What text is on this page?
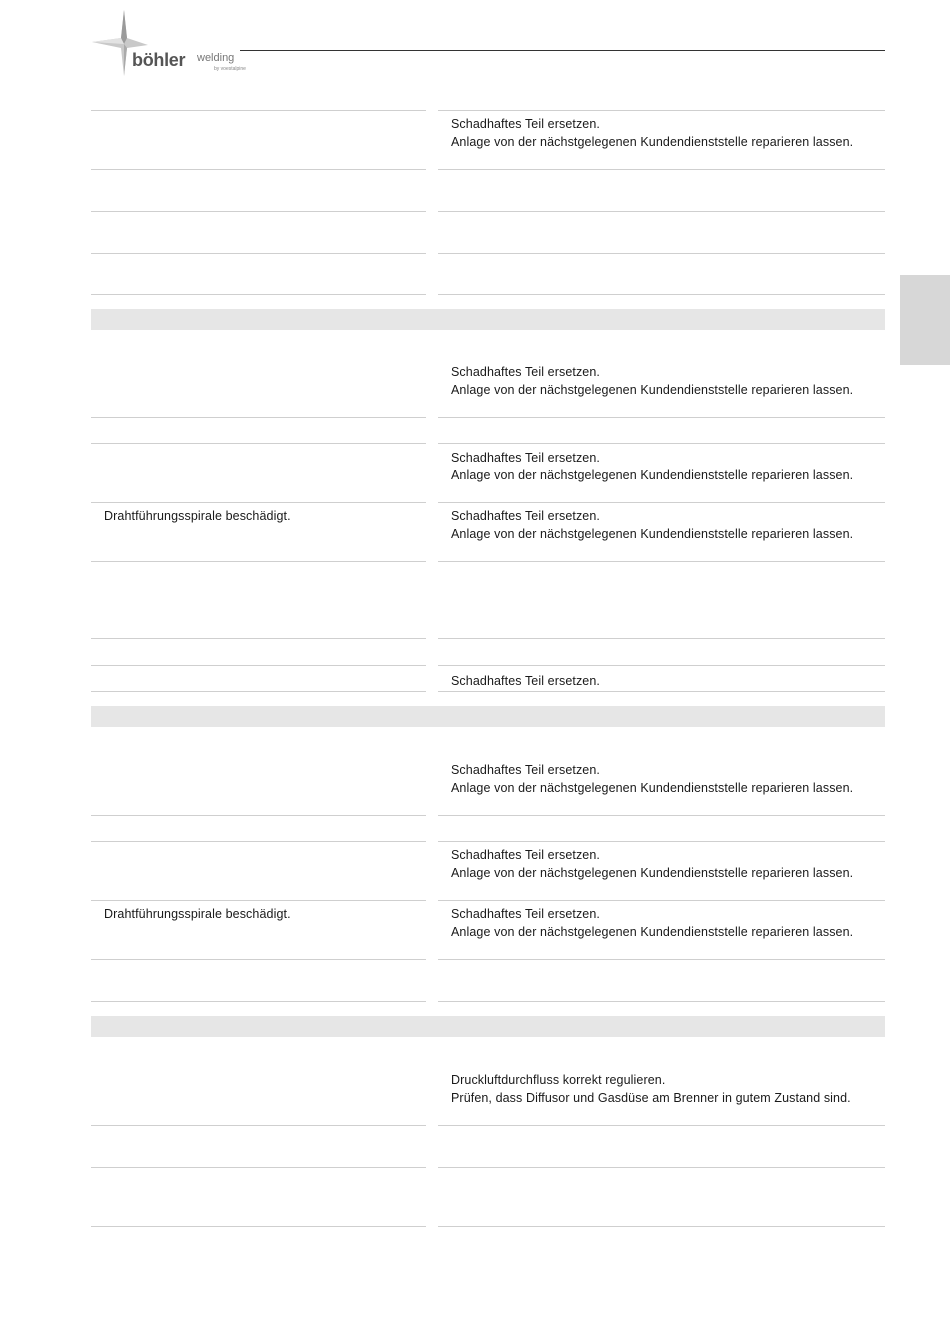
böhler welding
by voestalpine
Schadhaftes Teil ersetzen.
Anlage von der nächstgelegenen Kundendienststelle reparieren lassen.
Schadhaftes Teil ersetzen.
Anlage von der nächstgelegenen Kundendienststelle reparieren lassen.
Schadhaftes Teil ersetzen.
Anlage von der nächstgelegenen Kundendienststelle reparieren lassen.
Drahtführungsspirale beschädigt.	Schadhaftes Teil ersetzen.
Anlage von der nächstgelegenen Kundendienststelle reparieren lassen.
Schadhaftes Teil ersetzen.
Schadhaftes Teil ersetzen.
Anlage von der nächstgelegenen Kundendienststelle reparieren lassen.
Schadhaftes Teil ersetzen.
Anlage von der nächstgelegenen Kundendienststelle reparieren lassen.
Drahtführungsspirale beschädigt.	Schadhaftes Teil ersetzen.
Anlage von der nächstgelegenen Kundendienststelle reparieren lassen.
Druckluftdurchfluss korrekt regulieren.
Prüfen, dass Diffusor und Gasdüse am Brenner in gutem Zustand sind.
